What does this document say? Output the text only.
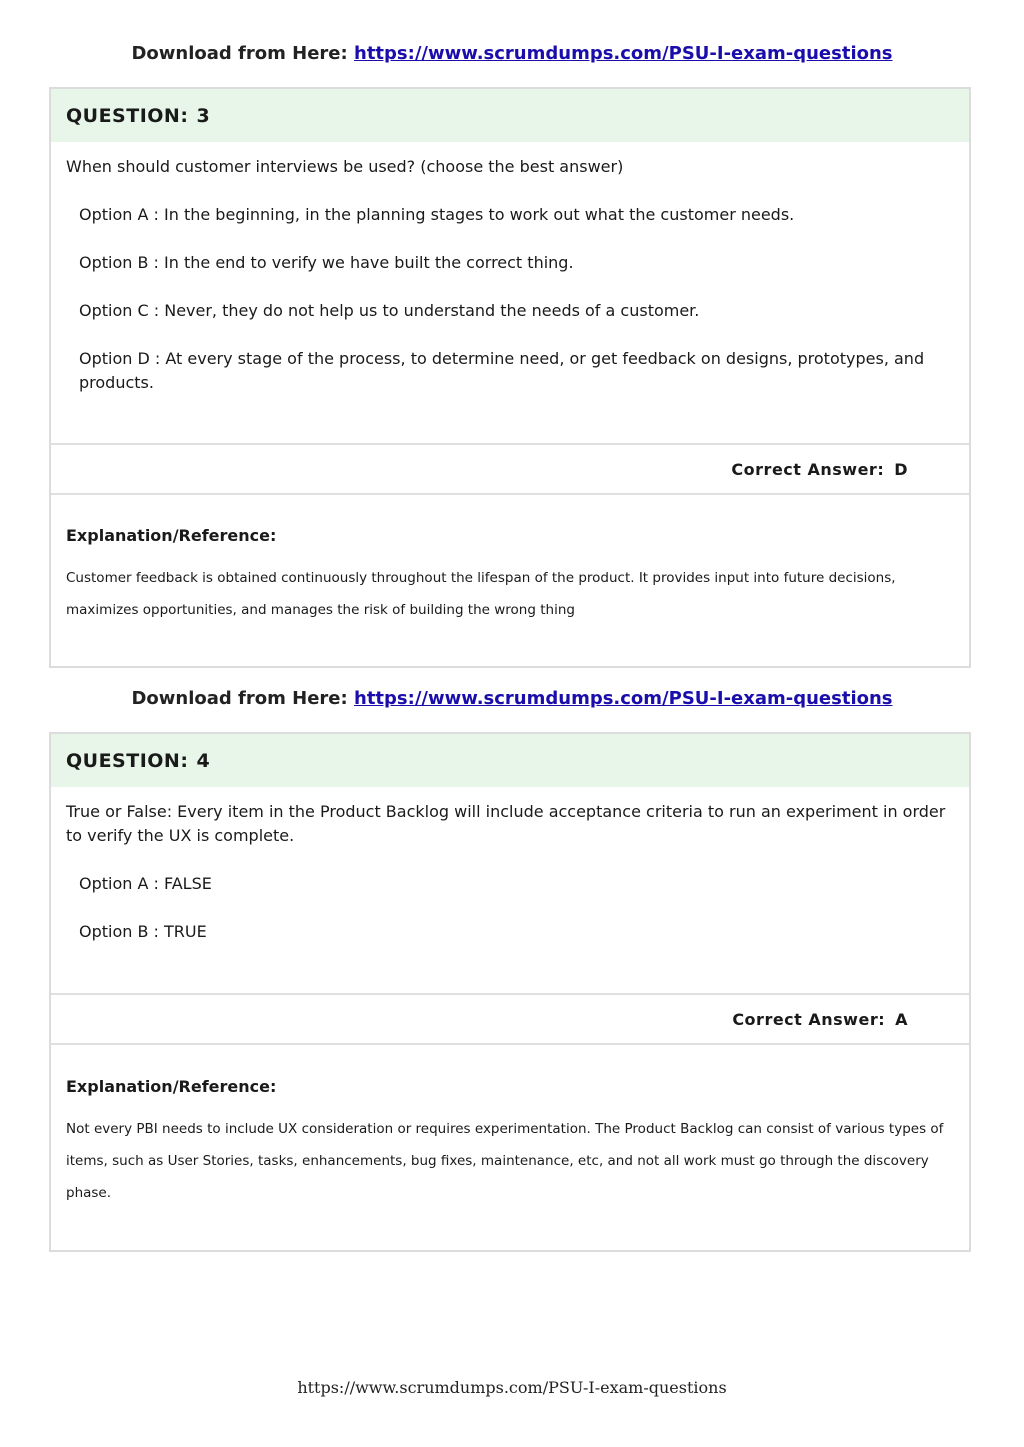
Download from Here: https://www.scrumdumps.com/PSU-I-exam-questions
QUESTION: 3

When should customer interviews be used? (choose the best answer)

Option A : In the beginning, in the planning stages to work out what the customer needs.

Option B : In the end to verify we have built the correct thing.

Option C : Never, they do not help us to understand the needs of a customer.

Option D : At every stage of the process, to determine need, or get feedback on designs, prototypes, and products.

Correct Answer: D

Explanation/Reference:

Customer feedback is obtained continuously throughout the lifespan of the product. It provides input into future decisions, maximizes opportunities, and manages the risk of building the wrong thing

Download from Here: https://www.scrumdumps.com/PSU-I-exam-questions
QUESTION: 4

True or False: Every item in the Product Backlog will include acceptance criteria to run an experiment in order to verify the UX is complete.

Option A : FALSE

Option B : TRUE

Correct Answer: A

Explanation/Reference:

Not every PBI needs to include UX consideration or requires experimentation. The Product Backlog can consist of various types of items, such as User Stories, tasks, enhancements, bug fixes, maintenance, etc, and not all work must go through the discovery phase.

https://www.scrumdumps.com/PSU-I-exam-questions
